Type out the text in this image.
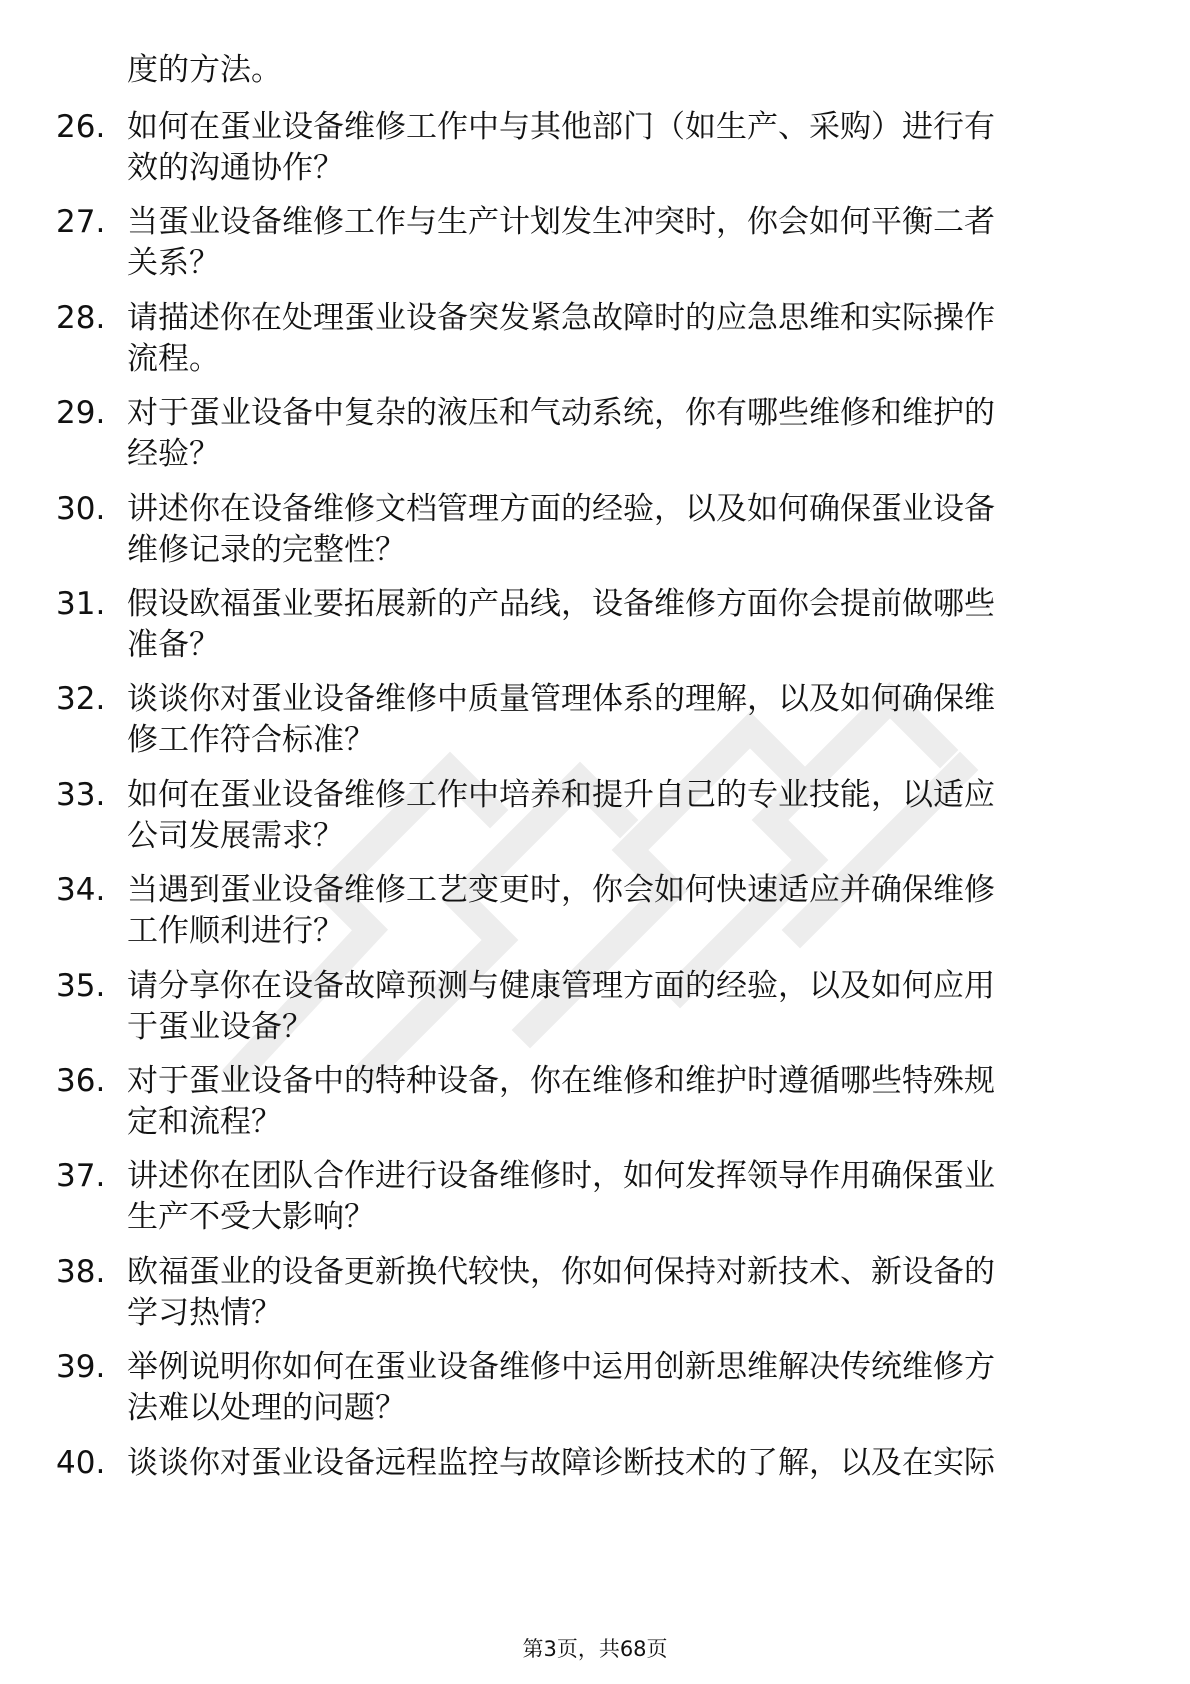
度的方法。
26. 如何在蛋业设备维修工作中与其他部门（如生产、采购）进行有
效的沟通协作？
27. 当蛋业设备维修工作与生产计划发生冲突时，你会如何平衡二者
关系？
28. 请描述你在处理蛋业设备突发紧急故障时的应急思维和实际操作
流程。
29. 对于蛋业设备中复杂的液压和气动系统，你有哪些维修和维护的
经验？
30. 讲述你在设备维修文档管理方面的经验，以及如何确保蛋业设备
维修记录的完整性？
31. 假设欧福蛋业要拓展新的产品线，设备维修方面你会提前做哪些
准备？
32. 谈谈你对蛋业设备维修中质量管理体系的理解，以及如何确保维
修工作符合标准？
33. 如何在蛋业设备维修工作中培养和提升自己的专业技能，以适应
公司发展需求？
34. 当遇到蛋业设备维修工艺变更时，你会如何快速适应并确保维修
工作顺利进行？
35. 请分享你在设备故障预测与健康管理方面的经验，以及如何应用
于蛋业设备？
36. 对于蛋业设备中的特种设备，你在维修和维护时遵循哪些特殊规
定和流程？
37. 讲述你在团队合作进行设备维修时，如何发挥领导作用确保蛋业
生产不受大影响？
38. 欧福蛋业的设备更新换代较快，你如何保持对新技术、新设备的
学习热情？
39. 举例说明你如何在蛋业设备维修中运用创新思维解决传统维修方
法难以处理的问题？
40. 谈谈你对蛋业设备远程监控与故障诊断技术的了解，以及在实际
第3页，共68页
